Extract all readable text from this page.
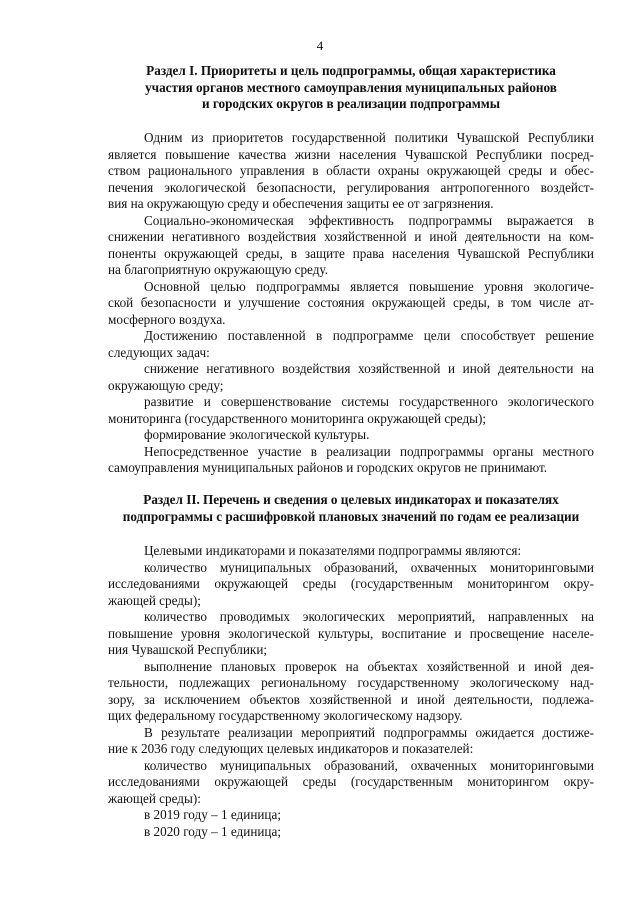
4
Раздел I. Приоритеты и цель подпрограммы, общая характеристика
участия органов местного самоуправления муниципальных районов
и городских округов в реализации подпрограммы
Одним из приоритетов государственной политики Чувашской Республики
является повышение качества жизни населения Чувашской Республики посред-
ством рационального управления в области охраны окружающей среды и обес-
печения экологической безопасности, регулирования антропогенного воздейст-
вия на окружающую среду и обеспечения защиты ее от загрязнения.
Социально-экономическая эффективность подпрограммы выражается в
снижении негативного воздействия хозяйственной и иной деятельности на ком-
поненты окружающей среды, в защите права населения Чувашской Республики
на благоприятную окружающую среду.
Основной целью подпрограммы является повышение уровня экологиче-
ской безопасности и улучшение состояния окружающей среды, в том числе ат-
мосферного воздуха.
Достижению поставленной в подпрограмме цели способствует решение
следующих задач:
снижение негативного воздействия хозяйственной и иной деятельности на
окружающую среду;
развитие и совершенствование системы государственного экологического
мониторинга (государственного мониторинга окружающей среды);
формирование экологической культуры.
Непосредственное участие в реализации подпрограммы органы местного
самоуправления муниципальных районов и городских округов не принимают.
Раздел II. Перечень и сведения о целевых индикаторах и показателях
подпрограммы с расшифровкой плановых значений по годам ее реализации
Целевыми индикаторами и показателями подпрограммы являются:
количество муниципальных образований, охваченных мониторинговыми
исследованиями окружающей среды (государственным мониторингом окру-
жающей среды);
количество проводимых экологических мероприятий, направленных на
повышение уровня экологической культуры, воспитание и просвещение населе-
ния Чувашской Республики;
выполнение плановых проверок на объектах хозяйственной и иной дея-
тельности, подлежащих региональному государственному экологическому над-
зору, за исключением объектов хозяйственной и иной деятельности, подлежа-
щих федеральному государственному экологическому надзору.
В результате реализации мероприятий подпрограммы ожидается достиже-
ние к 2036 году следующих целевых индикаторов и показателей:
количество муниципальных образований, охваченных мониторинговыми
исследованиями окружающей среды (государственным мониторингом окру-
жающей среды):
в 2019 году – 1 единица;
в 2020 году – 1 единица;
